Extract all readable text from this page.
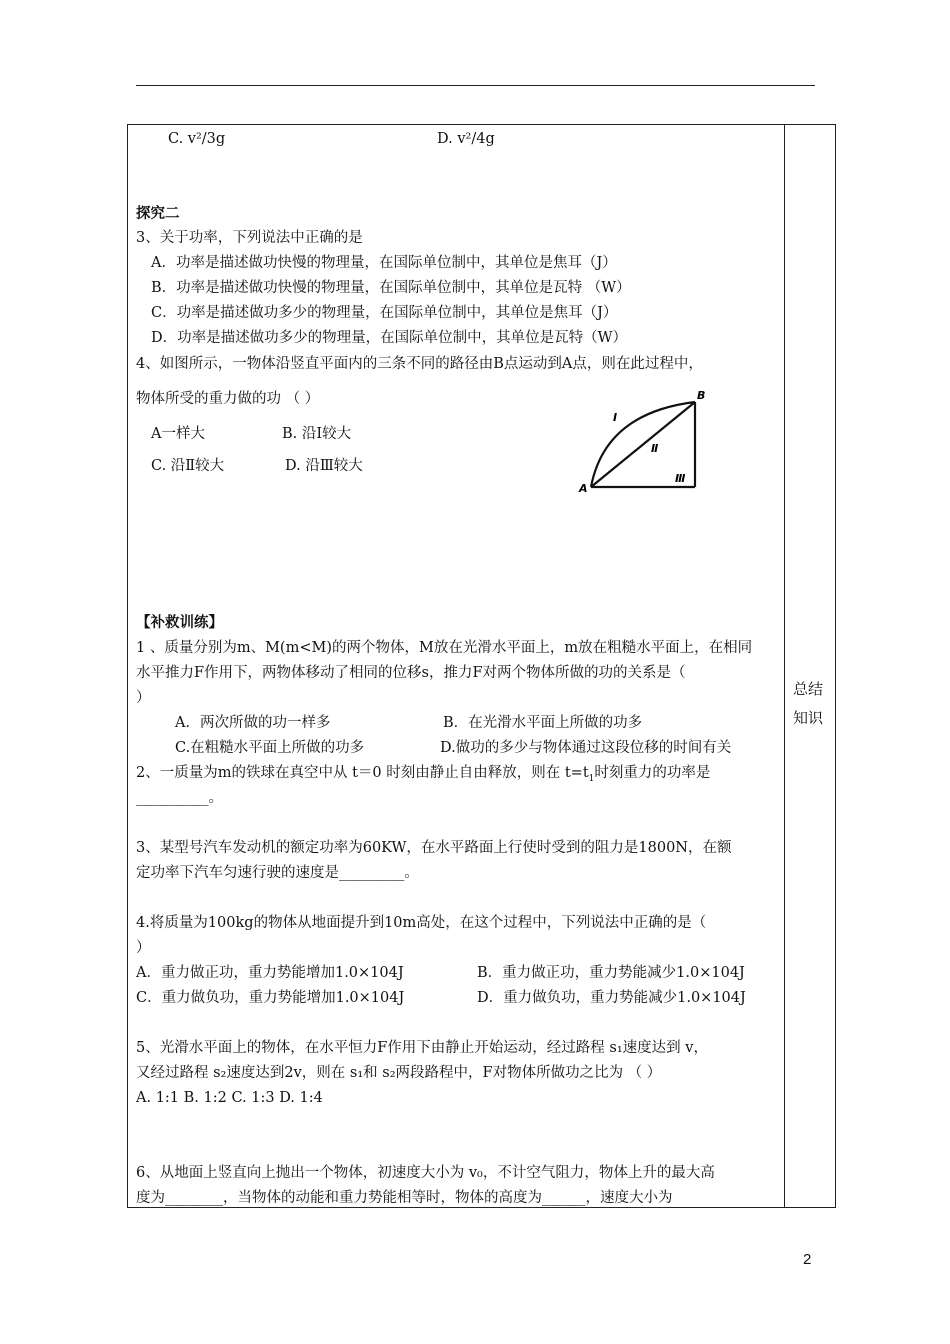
C. v²/3g	D. v²/4g
探究二
3、关于功率，下列说法中正确的是
A．功率是描述做功快慢的物理量，在国际单位制中，其单位是焦耳（J）
B．功率是描述做功快慢的物理量，在国际单位制中，其单位是瓦特 （W）
C．功率是描述做功多少的物理量，在国际单位制中，其单位是焦耳（J）
D．功率是描述做功多少的物理量，在国际单位制中，其单位是瓦特（W）
4、如图所示，一物体沿竖直平面内的三条不同的路径由B点运动到A点，则在此过程中，
物体所受的重力做的功 （ ）
A一样大	B. 沿Ⅰ较大
C. 沿Ⅱ较大	D. 沿Ⅲ较大
A
B
Ⅰ
Ⅱ
Ⅲ
【补救训练】
1 、质量分别为m、M(m<M)的两个物体，M放在光滑水平面上，m放在粗糙水平面上，在相同
水平推力F作用下，两物体移动了相同的位移s，推力F对两个物体所做的功的关系是（
）
A．两次所做的功一样多	B．在光滑水平面上所做的功多
C.在粗糙水平面上所做的功多	D.做功的多少与物体通过这段位移的时间有关
2、一质量为m的铁球在真空中从 t＝0 时刻由静止自由释放，则在 $t=t_1$时刻重力的功率是
__________。
3、某型号汽车发动机的额定功率为60KW，在水平路面上行使时受到的阻力是1800N，在额
定功率下汽车匀速行驶的速度是_________。
4.将质量为100kg的物体从地面提升到10m高处，在这个过程中，下列说法中正确的是（
）
A．重力做正功，重力势能增加1.0×104J	B．重力做正功，重力势能减少1.0×104J
C．重力做负功，重力势能增加1.0×104J	D．重力做负功，重力势能减少1.0×104J
5、光滑水平面上的物体，在水平恒力F作用下由静止开始运动，经过路程 s₁速度达到 v，
又经过路程 s₂速度达到2v，则在 s₁和 s₂两段路程中，F对物体所做功之比为 （ ）
A. 1:1 B. 1:2 C. 1:3 D. 1:4
6、从地面上竖直向上抛出一个物体，初速度大小为 v₀，不计空气阻力，物体上升的最大高
度为________，当物体的动能和重力势能相等时，物体的高度为______，速度大小为
总结
知识
2
